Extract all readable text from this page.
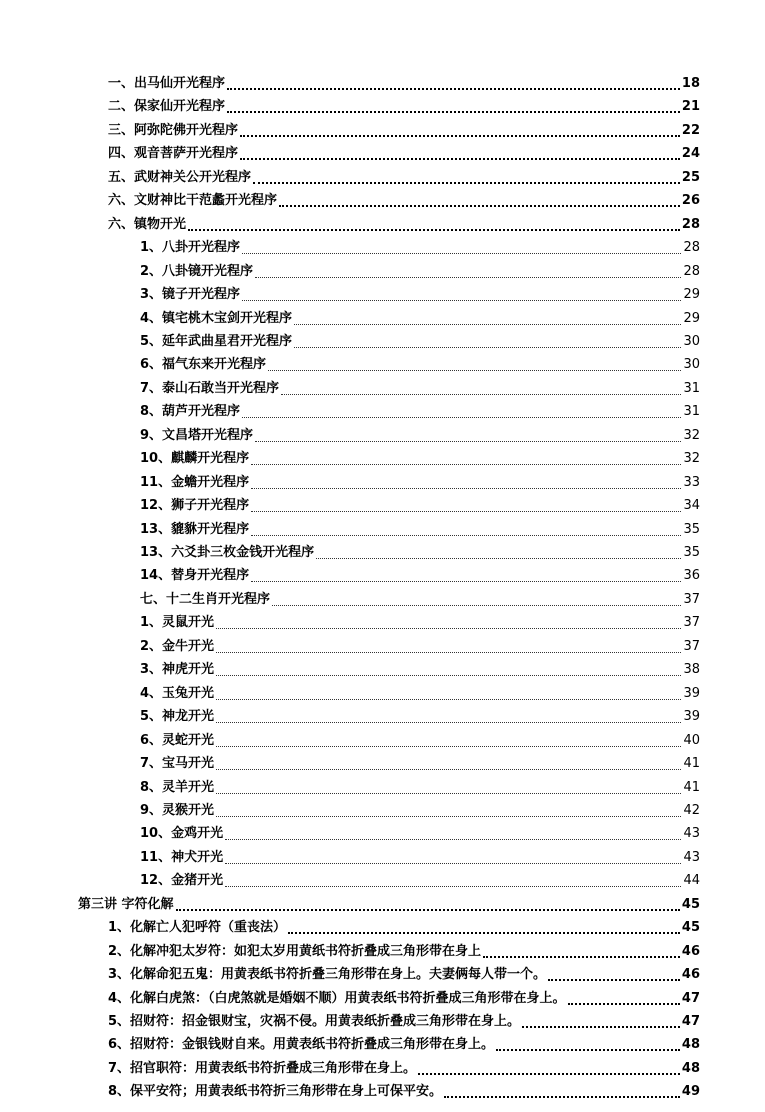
一、出马仙开光程序	18
二、保家仙开光程序	21
三、阿弥陀佛开光程序	22
四、观音菩萨开光程序	24
五、武财神关公开光程序	25
六、文财神比干范蠡开光程序	26
六、镇物开光	28
1、八卦开光程序	28
2、八卦镜开光程序	28
3、镜子开光程序	29
4、镇宅桃木宝剑开光程序	29
5、延年武曲星君开光程序	30
6、福气东来开光程序	30
7、泰山石敢当开光程序	31
8、葫芦开光程序	31
9、文昌塔开光程序	32
10、麒麟开光程序	32
11、金蟾开光程序	33
12、狮子开光程序	34
13、貔貅开光程序	35
13、六爻卦三枚金钱开光程序	35
14、替身开光程序	36
七、十二生肖开光程序	37
1、灵鼠开光	37
2、金牛开光	37
3、神虎开光	38
4、玉兔开光	39
5、神龙开光	39
6、灵蛇开光	40
7、宝马开光	41
8、灵羊开光	41
9、灵猴开光	42
10、金鸡开光	43
11、神犬开光	43
12、金猪开光	44
第三讲 字符化解	45
1、化解亡人犯呼符（重丧法）	45
2、化解冲犯太岁符：如犯太岁用黄纸书符折叠成三角形带在身上	46
3、化解命犯五鬼：用黄表纸书符折叠三角形带在身上。夫妻俩每人带一个。	46
4、化解白虎煞：（白虎煞就是婚姻不顺）用黄表纸书符折叠成三角形带在身上。	47
5、招财符：招金银财宝，灾祸不侵。用黄表纸折叠成三角形带在身上。	47
6、招财符：金银钱财自来。用黄表纸书符折叠成三角形带在身上。	48
7、招官职符：用黄表纸书符折叠成三角形带在身上。	48
8、保平安符；用黄表纸书符折三角形带在身上可保平安。	49
